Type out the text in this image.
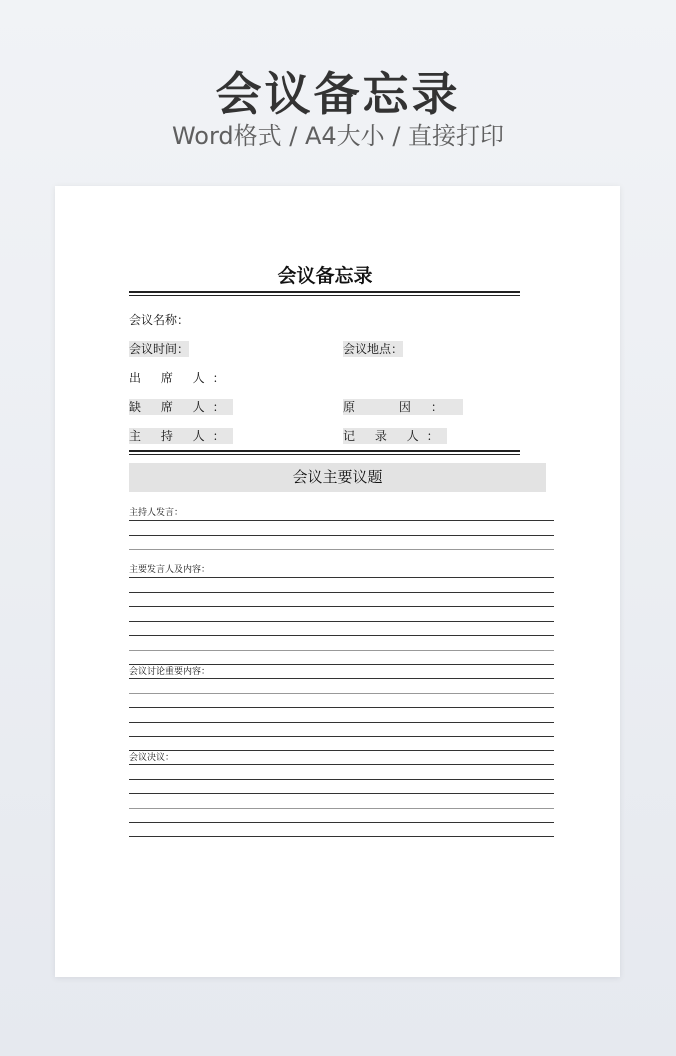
会议备忘录
Word格式 / A4大小 / 直接打印
会议备忘录
会议名称：
会议时间：	会议地点：
出 席 人：
缺 席 人：	原 因：
主 持 人：	记 录 人：
会议主要议题
主持人发言：
主要发言人及内容：
会议讨论重要内容：
会议决议：
